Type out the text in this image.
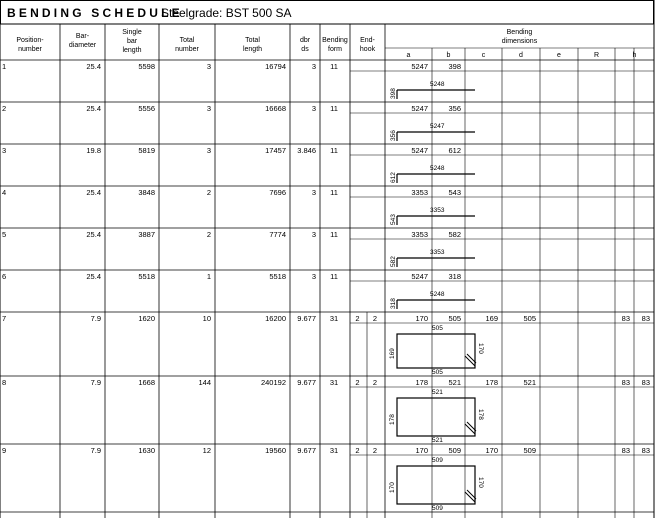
BENDING SCHEDULE
Steelgrade: BST 500 SA
Position-
number
Bar-
diameter
Single
bar
length
Total
number
Total
length
dbr
ds
Bending
form
End-
hook
Bending
dimensions
a	b	c	d	e	R	h
1	25.4	5598	3	16794	3	11	5247	398
5248
398
2	25.4	5556	3	16668	3	11	5247	356
5247
356
3	19.8	5819	3	17457	3.846	11	5247	612
5248
612
4	25.4	3848	2	7696	3	11	3353	543
3353
543
5	25.4	3887	2	7774	3	11	3353	582
3353
582
6	25.4	5518	1	5518	3	11	5247	318
5248
318
7	7.9	1620	10	16200	9.677	31	2	2	170	505	169	505	83	83
505
505
169	170
8	7.9	1668	144	240192	9.677	31	2	2	178	521	178	521	83	83
521
521
178	178
9	7.9	1630	12	19560	9.677	31	2	2	170	509	170	509	83	83
509
509
170	170
